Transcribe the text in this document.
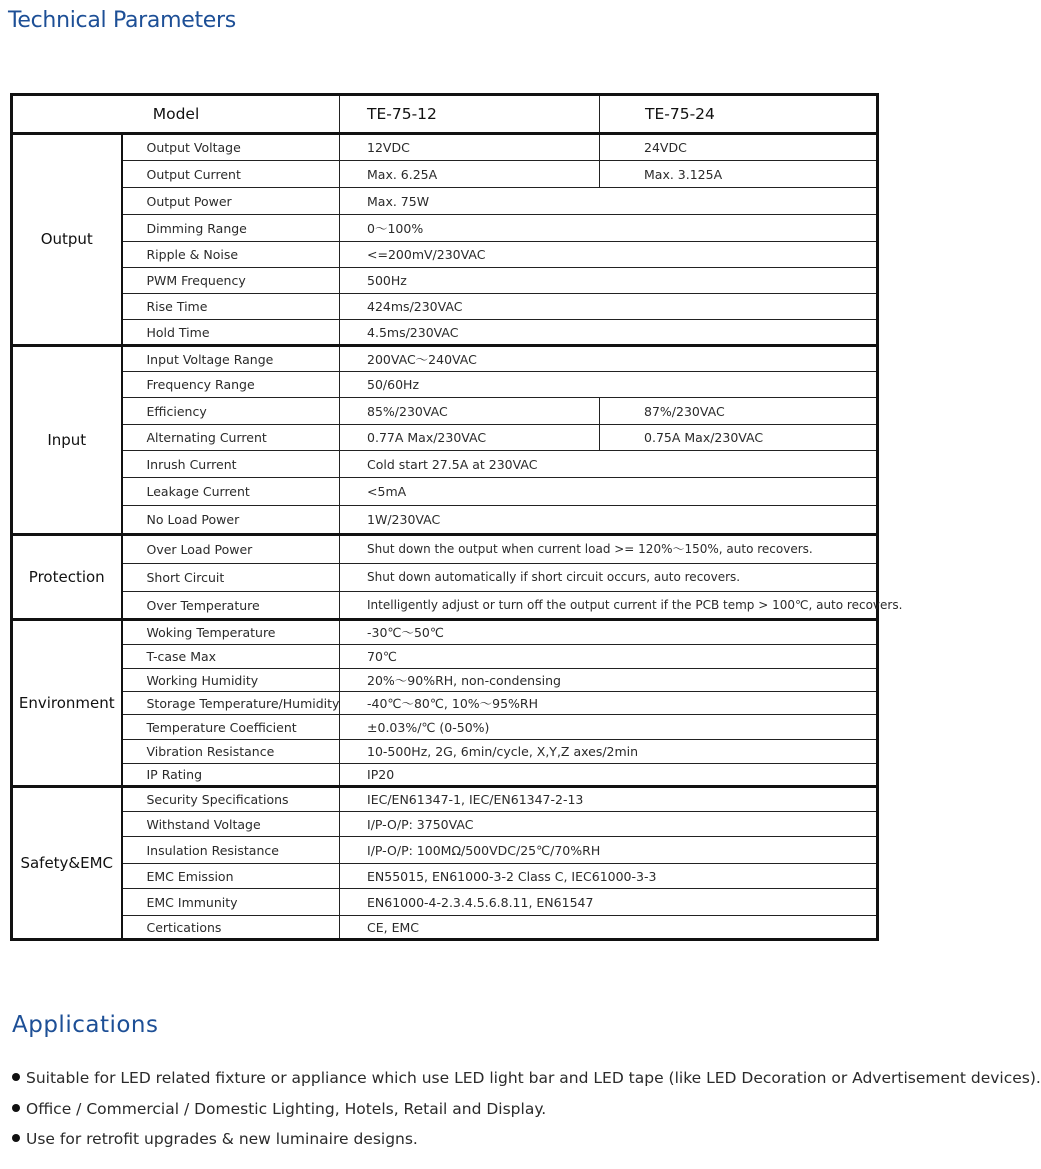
Technical Parameters
Model		TE-75-12	TE-75-24
Output	Output Voltage	12VDC	24VDC
	Output Current	Max. 6.25A	Max. 3.125A
	Output Power	Max. 75W	
	Dimming Range	0～100%	
	Ripple & Noise	<=200mV/230VAC	
	PWM Frequency	500Hz	
	Rise Time	424ms/230VAC	
	Hold Time	4.5ms/230VAC	
Input	Input Voltage Range	200VAC～240VAC	
	Frequency Range	50/60Hz	
	Efficiency	85%/230VAC	87%/230VAC
	Alternating Current	0.77A Max/230VAC	0.75A Max/230VAC
	Inrush Current	Cold start 27.5A at 230VAC	
	Leakage Current	<5mA	
	No Load Power	1W/230VAC	
Protection	Over Load Power	Shut down the output when current load >= 120%～150%, auto recovers.	
	Short Circuit	Shut down automatically if short circuit occurs, auto recovers.	
	Over Temperature	Intelligently adjust or turn off the output current if the PCB temp > 100℃, auto recovers.	
Environment	Woking Temperature	-30℃～50℃	
	T-case Max	70℃	
	Working Humidity	20%～90%RH, non-condensing	
	Storage Temperature/Humidity	-40℃～80℃, 10%～95%RH	
	Temperature Coefficient	±0.03%/℃ (0-50%)	
	Vibration Resistance	10-500Hz, 2G, 6min/cycle, X,Y,Z axes/2min	
	IP Rating	IP20	
Safety&EMC	Security Specifications	IEC/EN61347-1, IEC/EN61347-2-13	
	Withstand Voltage	I/P-O/P: 3750VAC	
	Insulation Resistance	I/P-O/P: 100MΩ/500VDC/25℃/70%RH	
	EMC Emission	EN55015, EN61000-3-2 Class C, IEC61000-3-3	
	EMC Immunity	EN61000-4-2.3.4.5.6.8.11, EN61547	
	Certications	CE, EMC	
Applications
Suitable for LED related fixture or appliance which use LED light bar and LED tape (like LED Decoration or Advertisement devices).
Office / Commercial / Domestic Lighting, Hotels, Retail and Display.
Use for retrofit upgrades & new luminaire designs.
